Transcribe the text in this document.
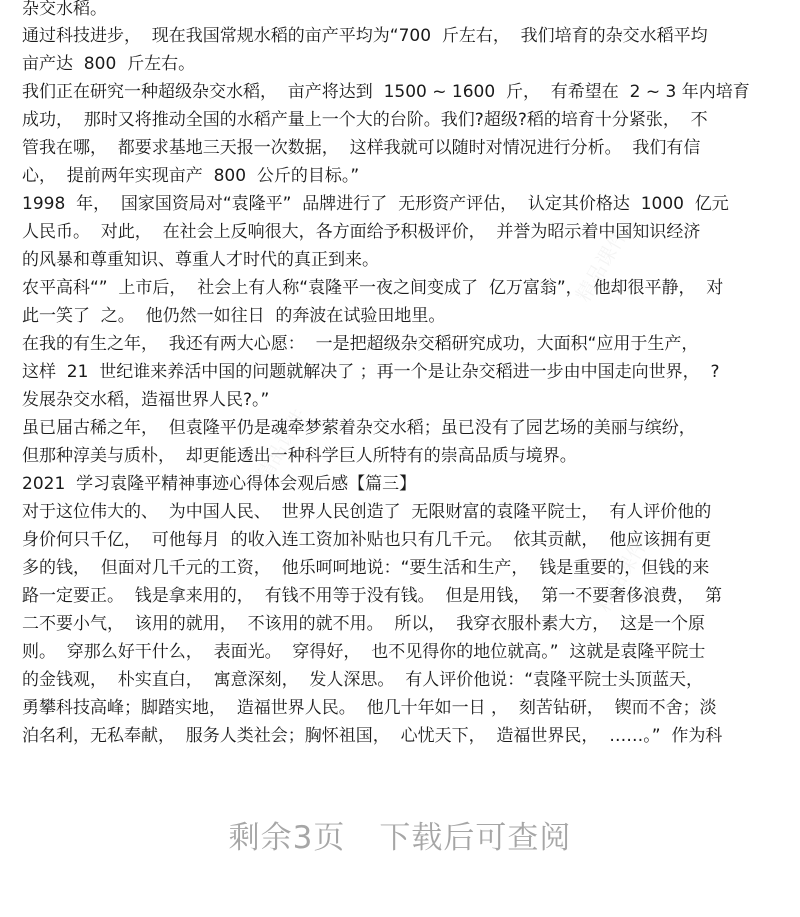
杂交水稻。
通过科技进步，  现在我国常规水稻的亩产平均为“700  斤左右，  我们培育的杂交水稻平均
亩产达  800  斤左右。
我们正在研究一种超级杂交水稻，  亩产将达到  1500 ~ 1600  斤，  有希望在  2 ~ 3 年内培育
成功，  那时又将推动全国的水稻产量上一个大的台阶。我们?超级?稻的培育十分紧张，  不
管我在哪，  都要求基地三天报一次数据，  这样我就可以随时对情况进行分析。  我们有信
心，  提前两年实现亩产  800  公斤的目标。”
1998  年，  国家国资局对“袁隆平”  品牌进行了  无形资产评估，  认定其价格达  1000  亿元
人民币。  对此，  在社会上反响很大，各方面给予积极评价，  并誉为昭示着中国知识经济
的风暴和尊重知识、尊重人才时代的真正到来。
农平高科“”  上市后，  社会上有人称“袁隆平一夜之间变成了  亿万富翁”，  他却很平静，  对
此一笑了  之。  他仍然一如往日  的奔波在试验田地里。
在我的有生之年，  我还有两大心愿：  一是把超级杂交稻研究成功，大面积“应用于生产，
这样  21  世纪谁来养活中国的问题就解决了 ；再一个是让杂交稻进一步由中国走向世界，  ?
发展杂交水稻，造福世界人民?。”
虽已届古稀之年，  但袁隆平仍是魂牵梦萦着杂交水稻；虽已没有了园艺场的美丽与缤纷，
但那种淳美与质朴，  却更能透出一种科学巨人所特有的崇高品质与境界。
2021  学习袁隆平精神事迹心得体会观后感【篇三】
对于这位伟大的、  为中国人民、  世界人民创造了  无限财富的袁隆平院士，  有人评价他的
身价何只千亿，  可他每月  的收入连工资加补贴也只有几千元。  依其贡献，  他应该拥有更
多的钱，  但面对几千元的工资，  他乐呵呵地说：“要生活和生产，  钱是重要的，但钱的来
路一定要正。  钱是拿来用的，  有钱不用等于没有钱。  但是用钱，  第一不要奢侈浪费，  第
二不要小气，  该用的就用，  不该用的就不用。  所以，  我穿衣服朴素大方，  这是一个原
则。  穿那么好干什么，  表面光。  穿得好，  也不见得你的地位就高。”  这就是袁隆平院士
的金钱观，  朴实直白，  寓意深刻，  发人深思。  有人评价他说：“袁隆平院士头顶蓝天，
勇攀科技高峰；脚踏实地，  造福世界人民。  他几十年如一日 ，  刻苦钻研，  锲而不舍；淡
泊名利，无私奉献，  服务人类社会；胸怀祖国，  心忧天下，  造福世界民，  ……。”  作为科
剩余3页 下载后可查阅
